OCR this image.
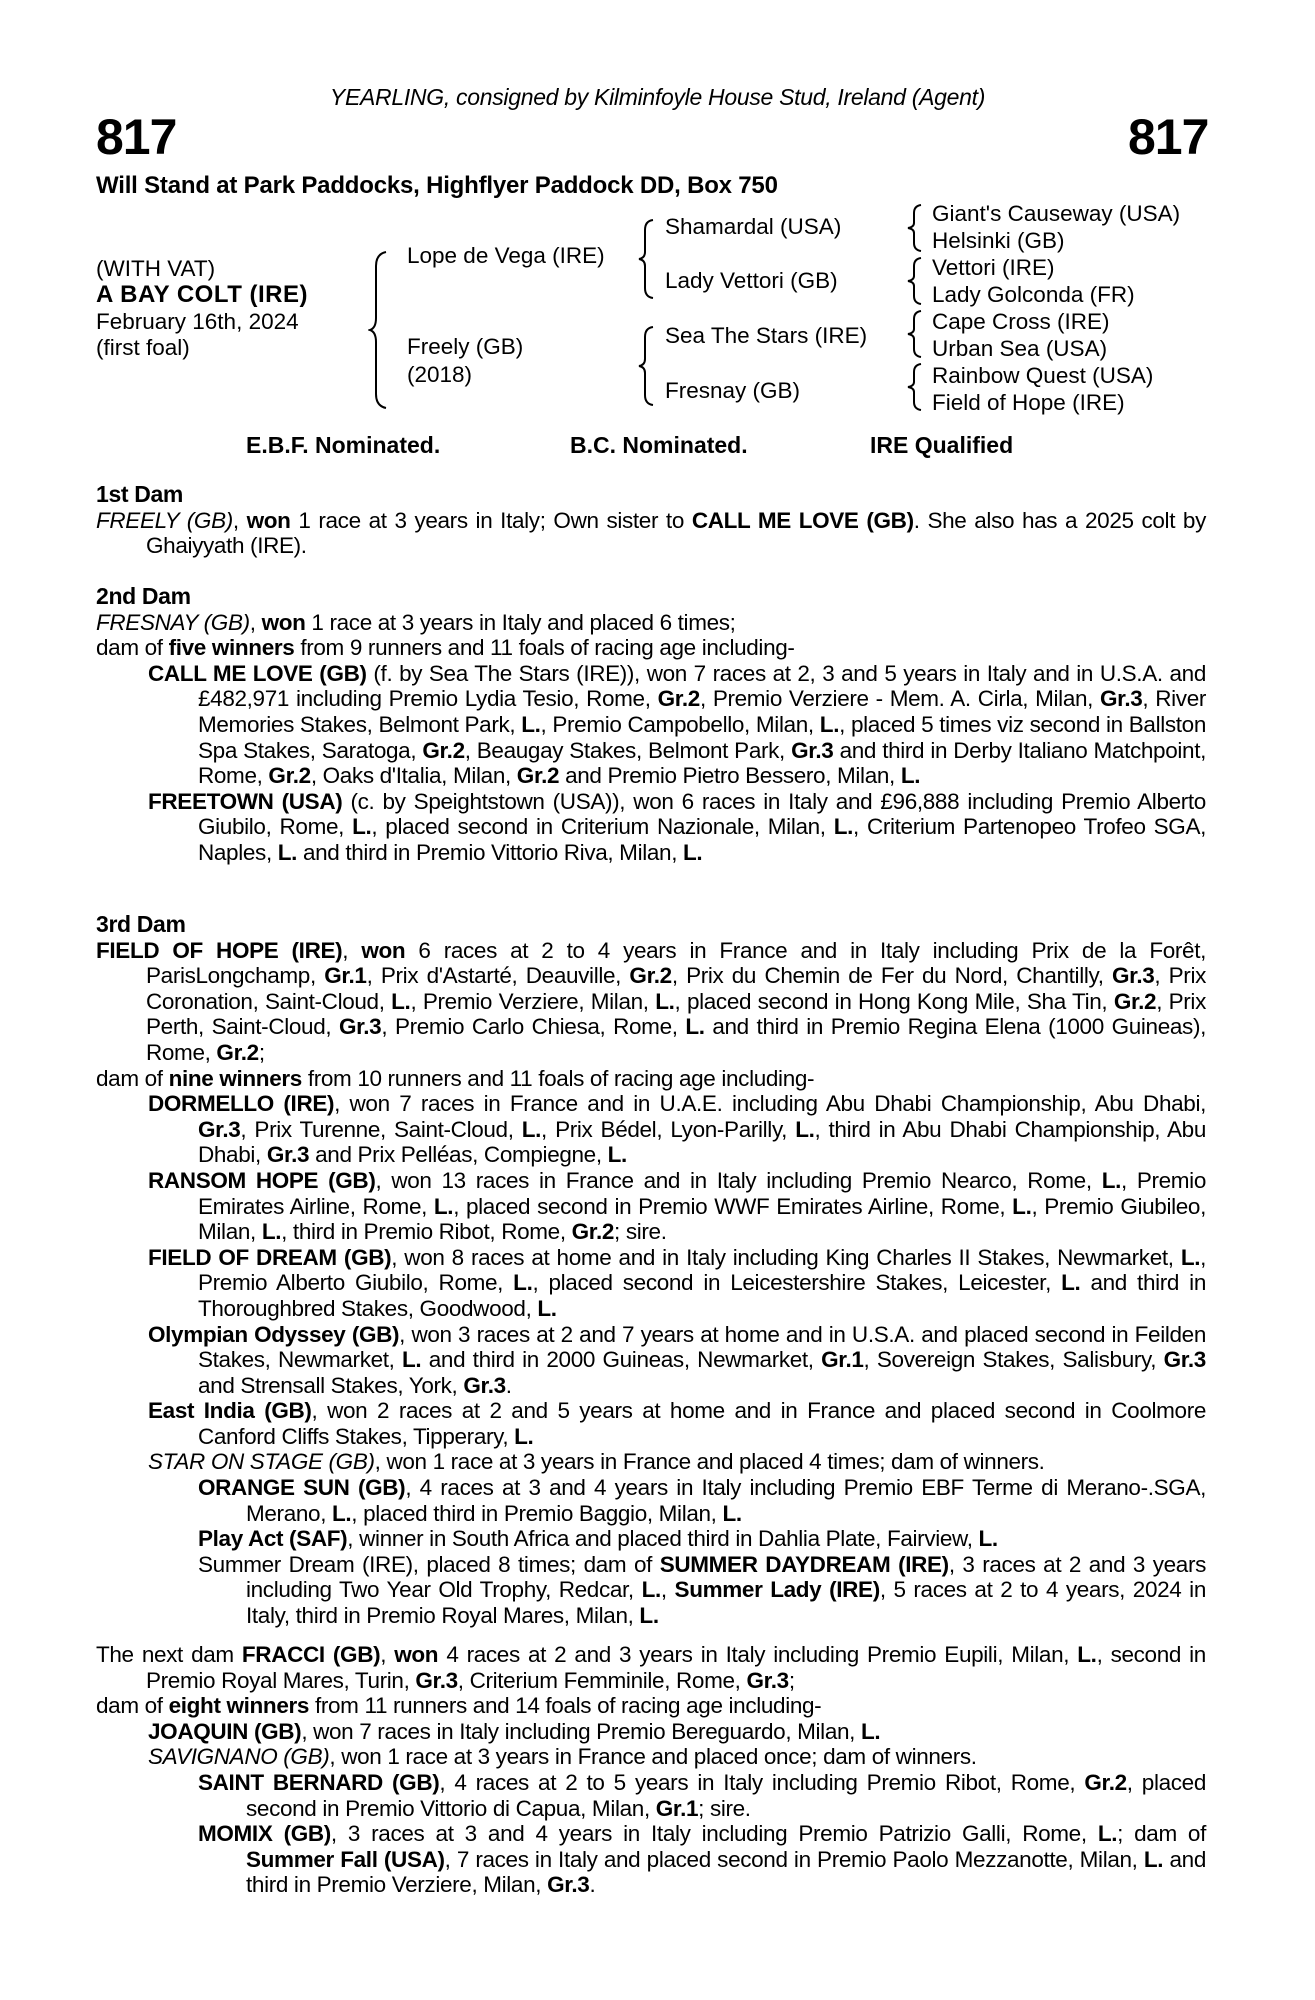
YEARLING, consigned by Kilminfoyle House Stud, Ireland (Agent)
817	817
Will Stand at Park Paddocks, Highflyer Paddock DD, Box 750
(WITH VAT)
A BAY COLT (IRE)
February 16th, 2024
(first foal)
Lope de Vega (IRE)
Freely (GB)
(2018)
Shamardal (USA)
Lady Vettori (GB)
Sea The Stars (IRE)
Fresnay (GB)
Giant's Causeway (USA)
Helsinki (GB)
Vettori (IRE)
Lady Golconda (FR)
Cape Cross (IRE)
Urban Sea (USA)
Rainbow Quest (USA)
Field of Hope (IRE)
E.B.F. Nominated.	B.C. Nominated.	IRE Qualified
1st Dam
FREELY (GB), won 1 race at 3 years in Italy; Own sister to CALL ME LOVE (GB). She also has a 2025 colt by Ghaiyyath (IRE).
2nd Dam
FRESNAY (GB), won 1 race at 3 years in Italy and placed 6 times;
dam of five winners from 9 runners and 11 foals of racing age including-
CALL ME LOVE (GB) (f. by Sea The Stars (IRE)), won 7 races at 2, 3 and 5 years in Italy and in U.S.A. and £482,971 including Premio Lydia Tesio, Rome, Gr.2, Premio Verziere - Mem. A. Cirla, Milan, Gr.3, River Memories Stakes, Belmont Park, L., Premio Campobello, Milan, L., placed 5 times viz second in Ballston Spa Stakes, Saratoga, Gr.2, Beaugay Stakes, Belmont Park, Gr.3 and third in Derby Italiano Matchpoint, Rome, Gr.2, Oaks d'Italia, Milan, Gr.2 and Premio Pietro Bessero, Milan, L.
FREETOWN (USA) (c. by Speightstown (USA)), won 6 races in Italy and £96,888 including Premio Alberto Giubilo, Rome, L., placed second in Criterium Nazionale, Milan, L., Criterium Partenopeo Trofeo SGA, Naples, L. and third in Premio Vittorio Riva, Milan, L.
3rd Dam
FIELD OF HOPE (IRE), won 6 races at 2 to 4 years in France and in Italy including Prix de la Forêt, ParisLongchamp, Gr.1, Prix d'Astarté, Deauville, Gr.2, Prix du Chemin de Fer du Nord, Chantilly, Gr.3, Prix Coronation, Saint-Cloud, L., Premio Verziere, Milan, L., placed second in Hong Kong Mile, Sha Tin, Gr.2, Prix Perth, Saint-Cloud, Gr.3, Premio Carlo Chiesa, Rome, L. and third in Premio Regina Elena (1000 Guineas), Rome, Gr.2;
dam of nine winners from 10 runners and 11 foals of racing age including-
DORMELLO (IRE), won 7 races in France and in U.A.E. including Abu Dhabi Championship, Abu Dhabi, Gr.3, Prix Turenne, Saint-Cloud, L., Prix Bédel, Lyon-Parilly, L., third in Abu Dhabi Championship, Abu Dhabi, Gr.3 and Prix Pelléas, Compiegne, L.
RANSOM HOPE (GB), won 13 races in France and in Italy including Premio Nearco, Rome, L., Premio Emirates Airline, Rome, L., placed second in Premio WWF Emirates Airline, Rome, L., Premio Giubileo, Milan, L., third in Premio Ribot, Rome, Gr.2; sire.
FIELD OF DREAM (GB), won 8 races at home and in Italy including King Charles II Stakes, Newmarket, L., Premio Alberto Giubilo, Rome, L., placed second in Leicestershire Stakes, Leicester, L. and third in Thoroughbred Stakes, Goodwood, L.
Olympian Odyssey (GB), won 3 races at 2 and 7 years at home and in U.S.A. and placed second in Feilden Stakes, Newmarket, L. and third in 2000 Guineas, Newmarket, Gr.1, Sovereign Stakes, Salisbury, Gr.3 and Strensall Stakes, York, Gr.3.
East India (GB), won 2 races at 2 and 5 years at home and in France and placed second in Coolmore Canford Cliffs Stakes, Tipperary, L.
STAR ON STAGE (GB), won 1 race at 3 years in France and placed 4 times; dam of winners.
ORANGE SUN (GB), 4 races at 3 and 4 years in Italy including Premio EBF Terme di Merano-.SGA, Merano, L., placed third in Premio Baggio, Milan, L.
Play Act (SAF), winner in South Africa and placed third in Dahlia Plate, Fairview, L.
Summer Dream (IRE), placed 8 times; dam of SUMMER DAYDREAM (IRE), 3 races at 2 and 3 years including Two Year Old Trophy, Redcar, L., Summer Lady (IRE), 5 races at 2 to 4 years, 2024 in Italy, third in Premio Royal Mares, Milan, L.
The next dam FRACCI (GB), won 4 races at 2 and 3 years in Italy including Premio Eupili, Milan, L., second in Premio Royal Mares, Turin, Gr.3, Criterium Femminile, Rome, Gr.3;
dam of eight winners from 11 runners and 14 foals of racing age including-
JOAQUIN (GB), won 7 races in Italy including Premio Bereguardo, Milan, L.
SAVIGNANO (GB), won 1 race at 3 years in France and placed once; dam of winners.
SAINT BERNARD (GB), 4 races at 2 to 5 years in Italy including Premio Ribot, Rome, Gr.2, placed second in Premio Vittorio di Capua, Milan, Gr.1; sire.
MOMIX (GB), 3 races at 3 and 4 years in Italy including Premio Patrizio Galli, Rome, L.; dam of Summer Fall (USA), 7 races in Italy and placed second in Premio Paolo Mezzanotte, Milan, L. and third in Premio Verziere, Milan, Gr.3.
